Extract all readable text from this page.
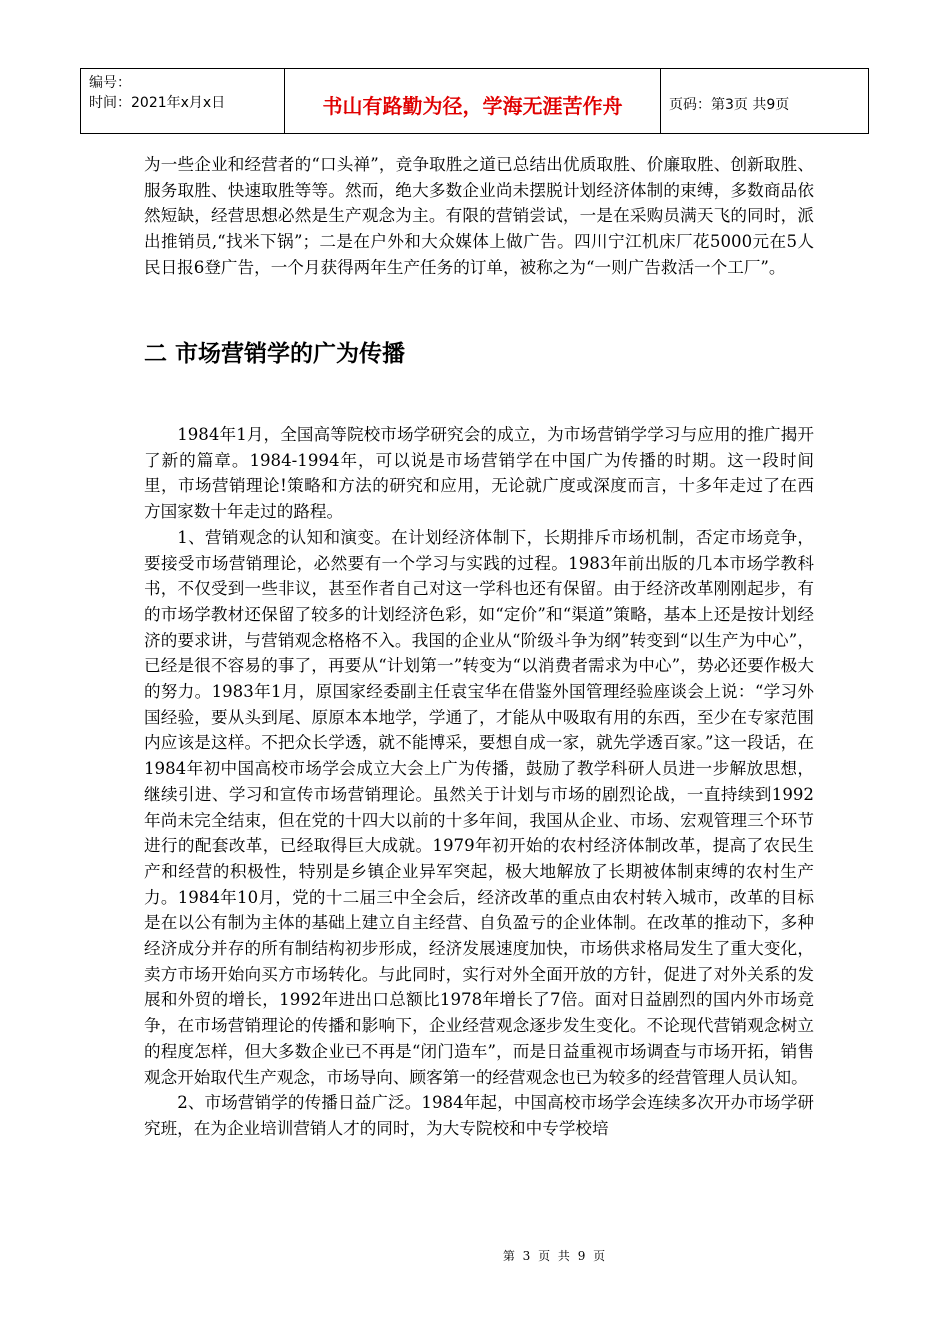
编号：
时间：2021年x月x日	书山有路勤为径，学海无涯苦作舟	页码：第3页 共9页

为一些企业和经营者的“口头禅”，竞争取胜之道已总结出优质取胜、价廉取胜、创新取胜、服务取胜、快速取胜等等。然而，绝大多数企业尚未摆脱计划经济体制的束缚，多数商品依然短缺，经营思想必然是生产观念为主。有限的营销尝试，一是在采购员满天飞的同时，派出推销员,“找米下锅”；二是在户外和大众媒体上做广告。四川宁江机床厂花5000元在5人民日报6登广告，一个月获得两年生产任务的订单，被称之为“一则广告救活一个工厂”。

二 市场营销学的广为传播

1984年1月，全国高等院校市场学研究会的成立，为市场营销学学习与应用的推广揭开了新的篇章。1984-1994年，可以说是市场营销学在中国广为传播的时期。这一段时间里，市场营销理论!策略和方法的研究和应用，无论就广度或深度而言，十多年走过了在西方国家数十年走过的路程。

1、营销观念的认知和演变。在计划经济体制下，长期排斥市场机制，否定市场竞争，要接受市场营销理论，必然要有一个学习与实践的过程。1983年前出版的几本市场学教科书，不仅受到一些非议，甚至作者自己对这一学科也还有保留。由于经济改革刚刚起步，有的市场学教材还保留了较多的计划经济色彩，如“定价”和“渠道”策略，基本上还是按计划经济的要求讲，与营销观念格格不入。我国的企业从“阶级斗争为纲”转变到“以生产为中心”，已经是很不容易的事了，再要从“计划第一”转变为“以消费者需求为中心”，势必还要作极大的努力。1983年1月，原国家经委副主任袁宝华在借鉴外国管理经验座谈会上说：“学习外国经验，要从头到尾、原原本本地学，学通了，才能从中吸取有用的东西，至少在专家范围内应该是这样。不把众长学透，就不能博采，要想自成一家，就先学透百家。”这一段话，在1984年初中国高校市场学会成立大会上广为传播，鼓励了教学科研人员进一步解放思想，继续引进、学习和宣传市场营销理论。虽然关于计划与市场的剧烈论战，一直持续到1992年尚未完全结束，但在党的十四大以前的十多年间，我国从企业、市场、宏观管理三个环节进行的配套改革，已经取得巨大成就。1979年初开始的农村经济体制改革，提高了农民生产和经营的积极性，特别是乡镇企业异军突起，极大地解放了长期被体制束缚的农村生产力。1984年10月，党的十二届三中全会后，经济改革的重点由农村转入城市，改革的目标是在以公有制为主体的基础上建立自主经营、自负盈亏的企业体制。在改革的推动下，多种经济成分并存的所有制结构初步形成，经济发展速度加快，市场供求格局发生了重大变化，卖方市场开始向买方市场转化。与此同时，实行对外全面开放的方针，促进了对外关系的发展和外贸的增长，1992年进出口总额比1978年增长了7倍。面对日益剧烈的国内外市场竞争，在市场营销理论的传播和影响下，企业经营观念逐步发生变化。不论现代营销观念树立的程度怎样，但大多数企业已不再是“闭门造车”，而是日益重视市场调查与市场开拓，销售观念开始取代生产观念，市场导向、顾客第一的经营观念也已为较多的经营管理人员认知。

2、市场营销学的传播日益广泛。1984年起，中国高校市场学会连续多次开办市场学研究班，在为企业培训营销人才的同时，为大专院校和中专学校培

第 3 页 共 9 页
